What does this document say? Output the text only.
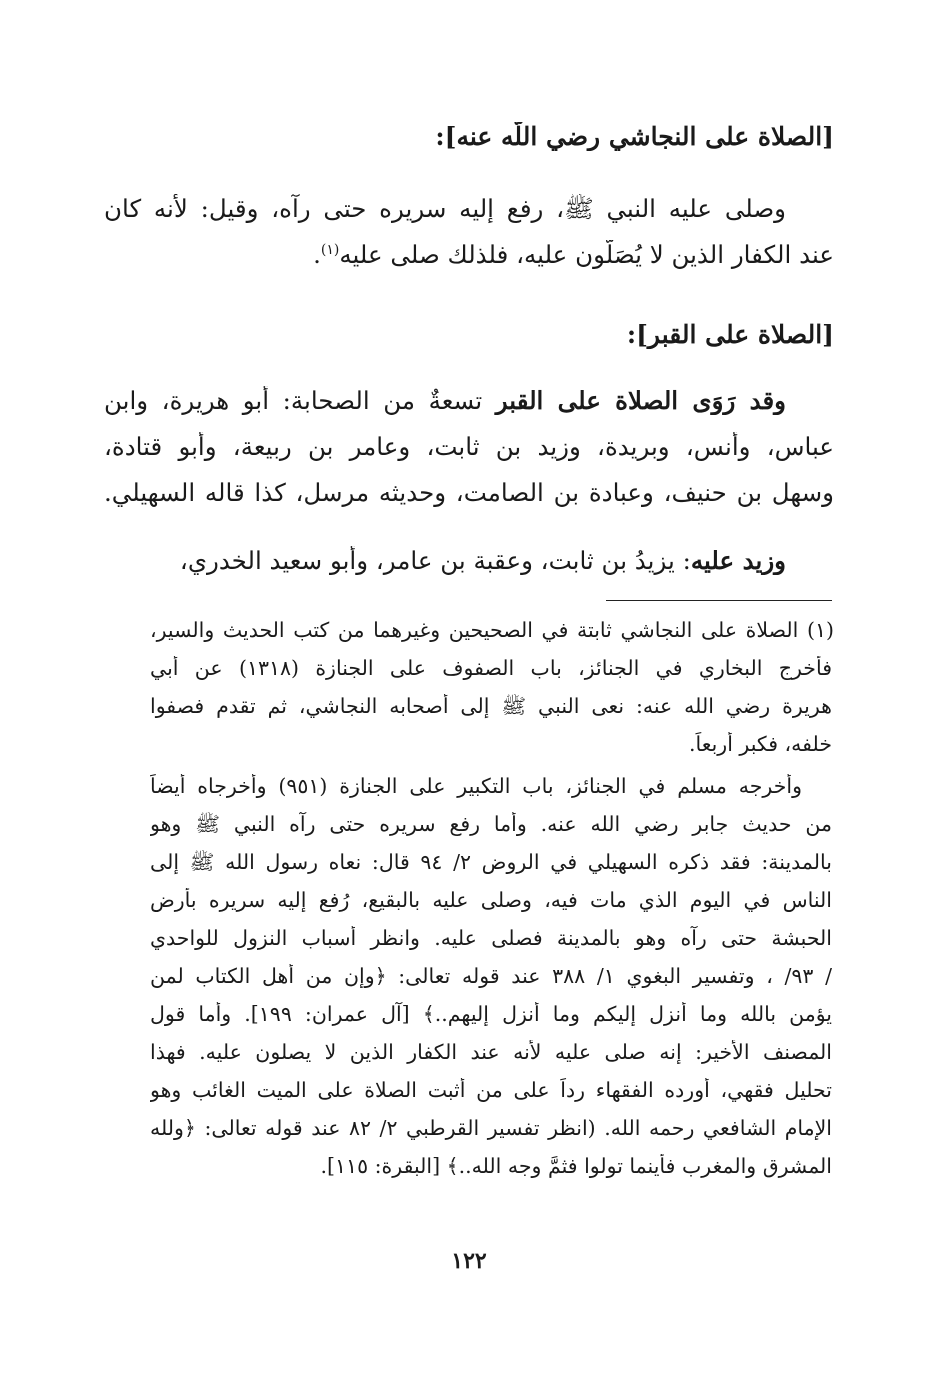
[الصلاة على النجاشي رضي اللّه عنه]:
وصلى عليه النبي ﷺ، رفع إليه سريره حتى رآه، وقيل: لأنه كان
عند الكفار الذين لا يُصَلّون عليه، فلذلك صلى عليه$^{(١)}$.
[الصلاة على القبر]:
وقد رَوَى الصلاة على القبر تسعةٌ من الصحابة: أبو هريرة، وابن
عباس، وأنس، وبريدة، وزيد بن ثابت، وعامر بن ربيعة، وأبو قتادة،
وسهل بن حنيف، وعبادة بن الصامت، وحديثه مرسل، كذا قاله السهيلي.
وزيد عليه: يزيدُ بن ثابت، وعقبة بن عامر، وأبو سعيد الخدري،
(١) الصلاة على النجاشي ثابتة في الصحيحين وغيرهما من كتب الحديث والسير،
فأخرج البخاري في الجنائز، باب الصفوف على الجنازة (١٣١٨) عن أبي
هريرة رضي الله عنه: نعى النبي ﷺ إلى أصحابه النجاشي، ثم تقدم فصفوا
خلفه، فكبر أربعاً.
وأخرجه مسلم في الجنائز، باب التكبير على الجنازة (٩٥١) وأخرجاه أيضاً
من حديث جابر رضي الله عنه. وأما رفع سريره حتى رآه النبي ﷺ وهو
بالمدينة: فقد ذكره السهيلي في الروض ٢/ ٩٤ قال: نعاه رسول الله ﷺ إلى
الناس في اليوم الذي مات فيه، وصلى عليه بالبقيع، رُفع إليه سريره بأرض
الحبشة حتى رآه وهو بالمدينة فصلى عليه. وانظر أسباب النزول للواحدي
/ ٩٣/ ، وتفسير البغوي ١/ ٣٨٨ عند قوله تعالى: ﴿وإن من أهل الكتاب لمن
يؤمن بالله وما أنزل إليكم وما أنزل إليهم..﴾ [آل عمران: ١٩٩]. وأما قول
المصنف الأخير: إنه صلى عليه لأنه عند الكفار الذين لا يصلون عليه. فهذا
تحليل فقهي، أورده الفقهاء رداً على من أثبت الصلاة على الميت الغائب وهو
الإمام الشافعي رحمه الله. (انظر تفسير القرطبي ٢/ ٨٢ عند قوله تعالى: ﴿ولله
المشرق والمغرب فأينما تولوا فثمَّ وجه الله..﴾ [البقرة: ١١٥].
١٢٢
